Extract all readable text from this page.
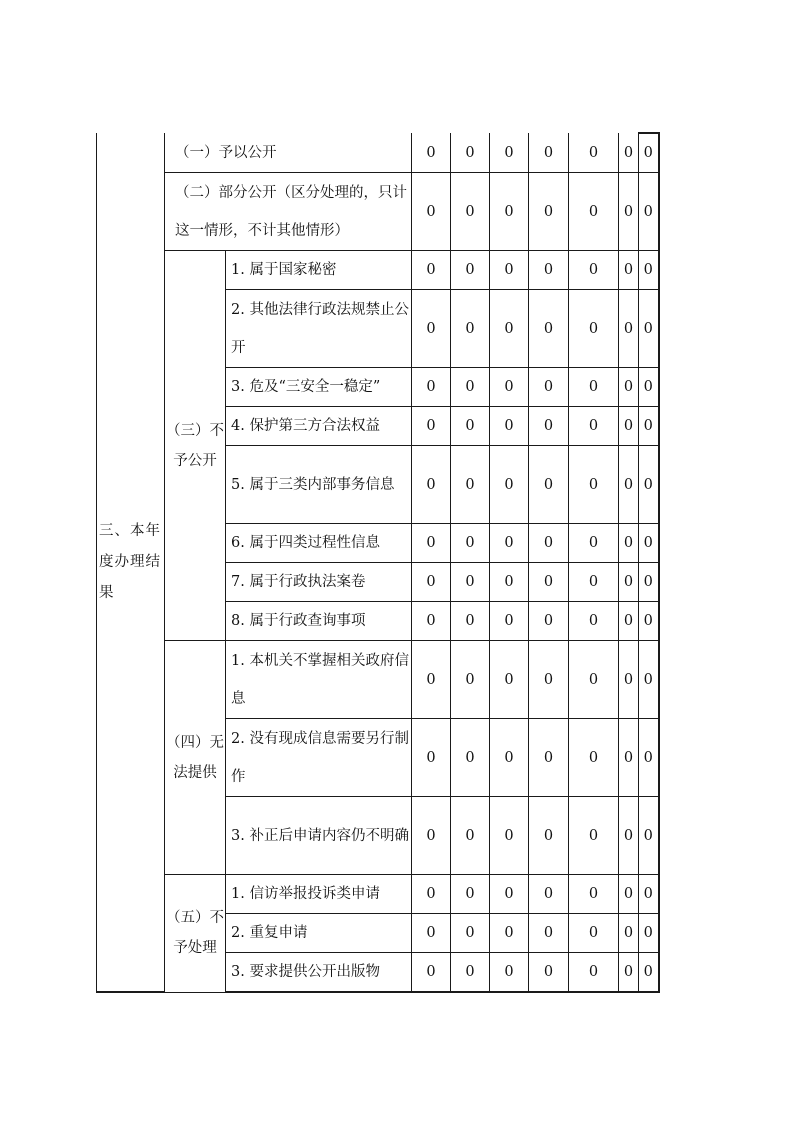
三、本年度办理结果	（一）予以公开		0	0	0	0	0	0	0
	（二）部分公开（区分处理的，只计这一情形，不计其他情形）		0	0	0	0	0	0	0
	（三）不予公开	1. 属于国家秘密	0	0	0	0	0	0	0
		2. 其他法律行政法规禁止公开	0	0	0	0	0	0	0
		3. 危及“三安全一稳定”	0	0	0	0	0	0	0
		4. 保护第三方合法权益	0	0	0	0	0	0	0
		5. 属于三类内部事务信息	0	0	0	0	0	0	0
		6. 属于四类过程性信息	0	0	0	0	0	0	0
		7. 属于行政执法案卷	0	0	0	0	0	0	0
		8. 属于行政查询事项	0	0	0	0	0	0	0
	（四）无法提供	1. 本机关不掌握相关政府信息	0	0	0	0	0	0	0

		2. 没有现成信息需要另行制作	0	0	0	0	0	0	0
		3. 补正后申请内容仍不明确	0	0	0	0	0	0	0
	（五）不予处理	1. 信访举报投诉类申请	0	0	0	0	0	0	0
		2. 重复申请	0	0	0	0	0	0	0
		3. 要求提供公开出版物	0	0	0	0	0	0	0
